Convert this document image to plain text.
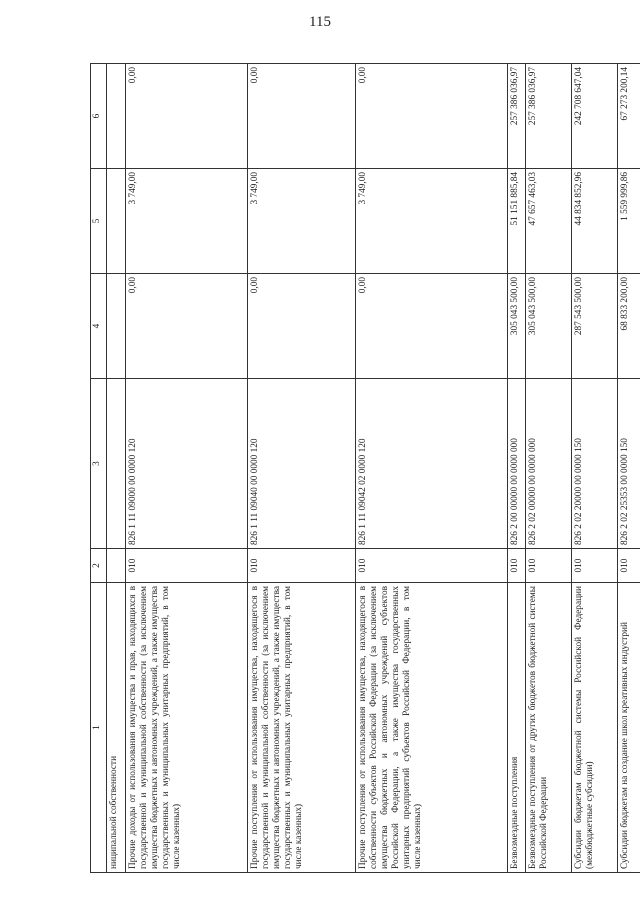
115
1	2	3	4	5	6
ниципальной собственности					
Прочие доходы от использования имущества и прав, находящихся в государственной и муниципальной собственности (за исключением имущества бюджетных и автономных учреждений, а также имущества государственных и муниципальных унитарных предприятий, в том числе казенных)	010	826 1 11 09000 00 0000 120	0,00	3 749,00	0,00
Прочие поступления от использования имущества, находящегося в государственной и муниципальной собственности (за исключением имущества бюджетных и автономных учреждений, а также имущества государственных и муниципальных унитарных предприятий, в том числе казенных)	010	826 1 11 09040 00 0000 120	0,00	3 749,00	0,00
Прочие поступления от использования имущества, находящегося в собственности субъектов Российской Федерации (за исключением имущества бюджетных и автономных учреждений субъектов Российской Федерации, а также имущества государственных унитарных предприятий субъектов Российской Федерации, в том числе казенных)	010	826 1 11 09042 02 0000 120	0,00	3 749,00	0,00
Безвозмездные поступления	010	826 2 00 00000 00 0000 000	305 043 500,00	51 151 885,84	257 386 036,97
Безвозмездные поступления от других бюджетов бюджетной системы Российской Федерации	010	826 2 02 00000 00 0000 000	305 043 500,00	47 657 463,03	257 386 036,97
Субсидии бюджетам бюджетной системы Российской Федерации (межбюджетные субсидии)	010	826 2 02 20000 00 0000 150	287 543 500,00	44 834 852,96	242 708 647,04
Субсидии бюджетам на создание школ креативных индустрий	010	826 2 02 25353 00 0000 150	68 833 200,00	1 559 999,86	67 273 200,14
